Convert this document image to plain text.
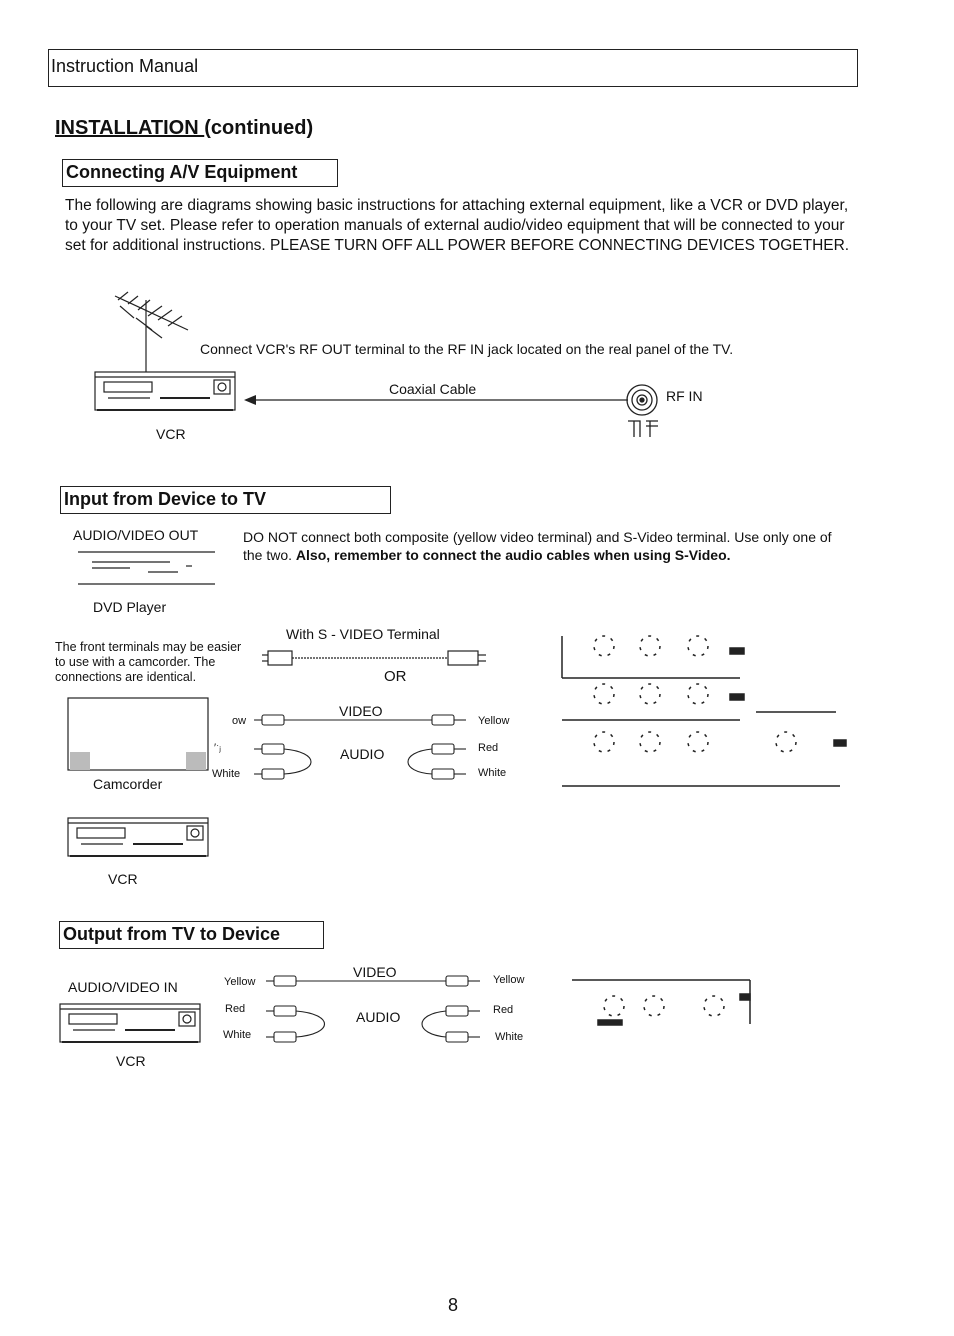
Instruction Manual
INSTALLATION (continued)
Connecting A/V Equipment
The following are diagrams showing basic instructions for attaching external equipment, like a VCR or DVD player, to your TV set. Please refer to operation manuals of external audio/video equipment that will be connected to your set for additional instructions. PLEASE TURN OFF ALL POWER BEFORE CONNECTING DEVICES TOGETHER.
Connect VCR's RF OUT terminal to the RF IN jack located on the real panel of the TV.
Coaxial Cable	RF IN
VCR
Input from Device to TV
AUDIO/VIDEO OUT	DO NOT connect both composite (yellow video terminal) and S-Video terminal. Use only one of the two. Also, remember to connect the audio cables when using S-Video.
DVD Player
With S - VIDEO Terminal
OR
The front terminals may be easier to use with a camcorder. The connections are identical.
VIDEO
AUDIO
ow
′ˑⱼ
White
Yellow
Red
White
Camcorder
VCR
Output from TV to Device
AUDIO/VIDEO IN
VIDEO
AUDIO
Yellow
Red
White
Yellow
Red
White
VCR
8
